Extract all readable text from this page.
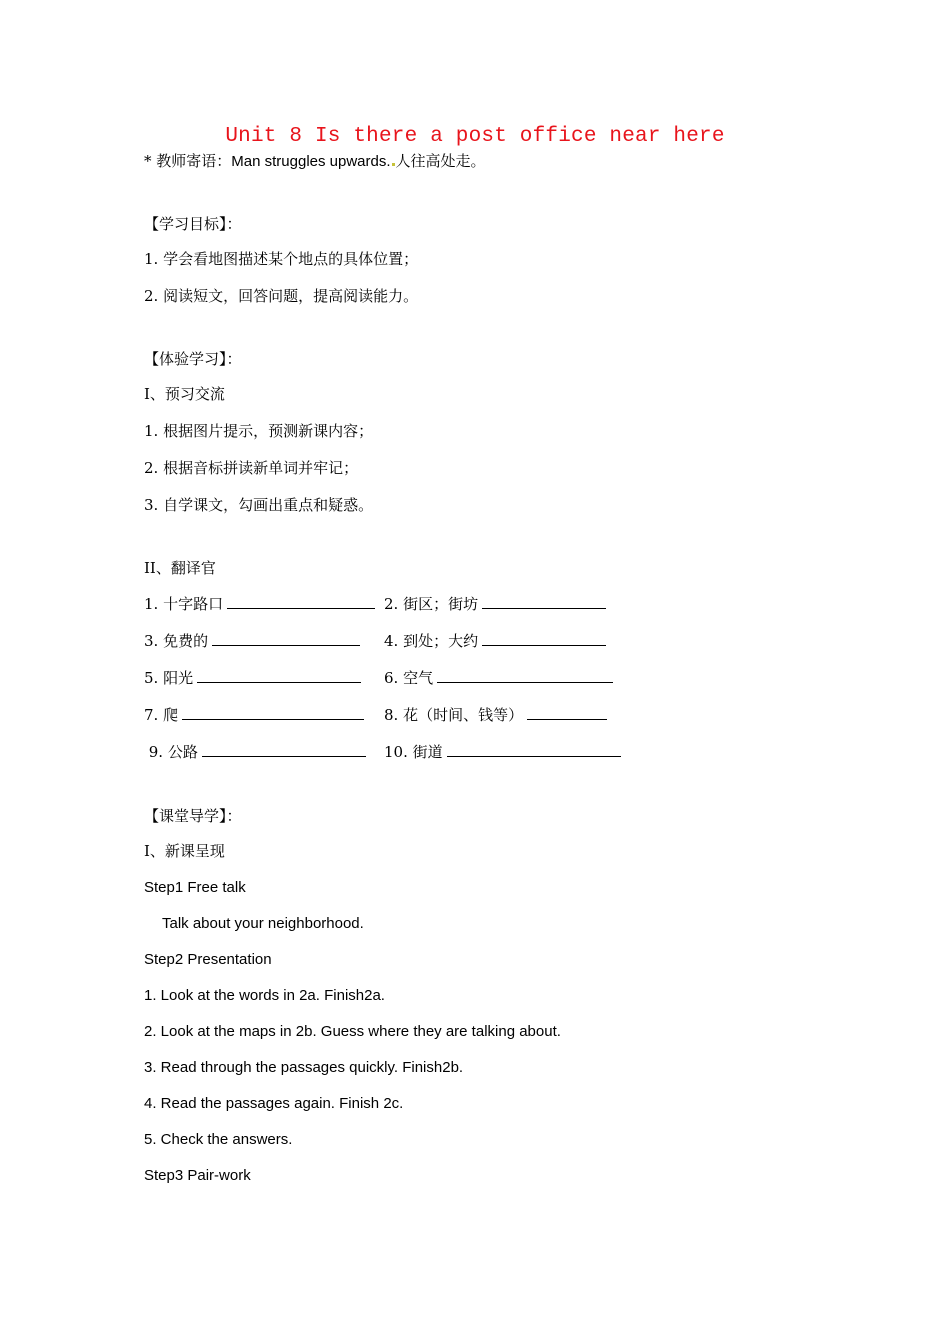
Unit 8 Is there a post office near here
* 教师寄语：Man struggles upwards. 人往高处走。
【学习目标】：
1. 学会看地图描述某个地点的具体位置；
2. 阅读短文，回答问题，提高阅读能力。
【体验学习】：
I、预习交流
1. 根据图片提示，预测新课内容；
2. 根据音标拼读新单词并牢记；
3. 自学课文，勾画出重点和疑惑。
II、翻译官
1. 十字路口	2. 街区；街坊
3. 免费的	4. 到处；大约
5. 阳光	6. 空气
7. 爬	8. 花（时间、钱等）
9. 公路	10. 街道
【课堂导学】：
I、新课呈现
Step1 Free talk
Talk about your neighborhood.
Step2 Presentation
1. Look at the words in 2a. Finish2a.
2. Look at the maps in 2b. Guess where they are talking about.
3. Read through the passages quickly. Finish2b.
4. Read the passages again. Finish 2c.
5. Check the answers.
Step3 Pair-work
